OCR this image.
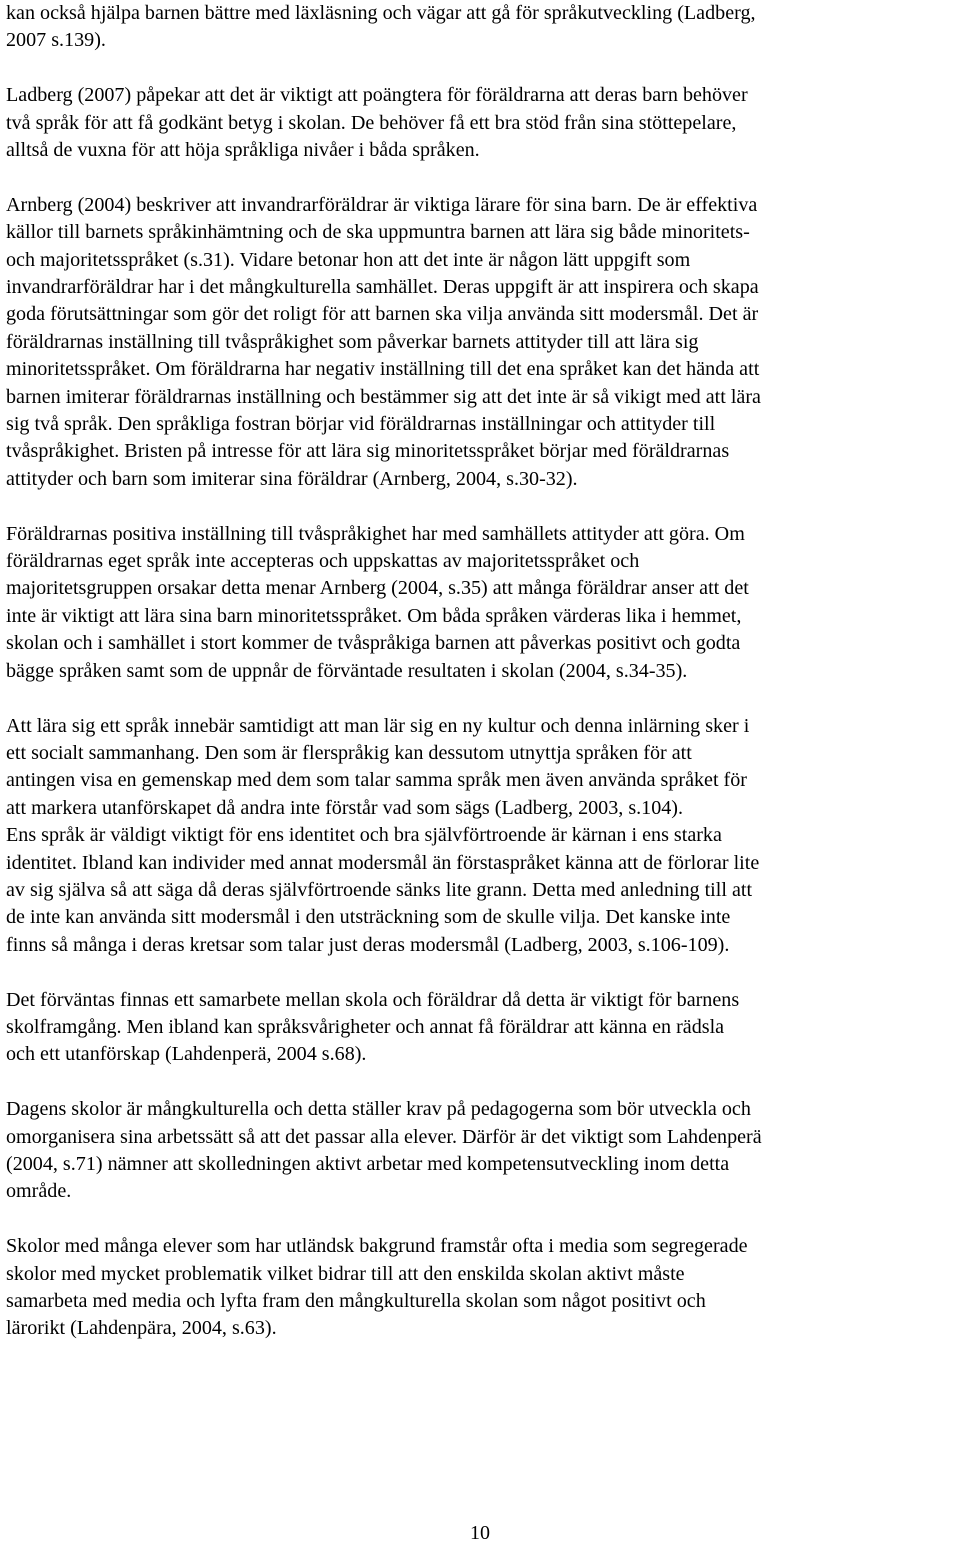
kan också hjälpa barnen bättre med läxläsning och vägar att gå för språkutveckling (Ladberg,
2007 s.139).

Ladberg (2007) påpekar att det är viktigt att poängtera för föräldrarna att deras barn behöver
två språk för att få godkänt betyg i skolan. De behöver få ett bra stöd från sina stöttepelare,
alltså de vuxna för att höja språkliga nivåer i båda språken.

Arnberg (2004) beskriver att invandrarföräldrar är viktiga lärare för sina barn. De är effektiva
källor till barnets språkinhämtning och de ska uppmuntra barnen att lära sig både minoritets-
och majoritetsspråket (s.31). Vidare betonar hon att det inte är någon lätt uppgift som
invandrarföräldrar har i det mångkulturella samhället. Deras uppgift är att inspirera och skapa
goda förutsättningar som gör det roligt för att barnen ska vilja använda sitt modersmål. Det är
föräldrarnas inställning till tvåspråkighet som påverkar barnets attityder till att lära sig
minoritetsspråket. Om föräldrarna har negativ inställning till det ena språket kan det hända att
barnen imiterar föräldrarnas inställning och bestämmer sig att det inte är så vikigt med att lära
sig två språk. Den språkliga fostran börjar vid föräldrarnas inställningar och attityder till
tvåspråkighet. Bristen på intresse för att lära sig minoritetsspråket börjar med föräldrarnas
attityder och barn som imiterar sina föräldrar (Arnberg, 2004, s.30-32).

Föräldrarnas positiva inställning till tvåspråkighet har med samhällets attityder att göra. Om
föräldrarnas eget språk inte accepteras och uppskattas av majoritetsspråket och
majoritetsgruppen orsakar detta menar Arnberg (2004, s.35) att många föräldrar anser att det
inte är viktigt att lära sina barn minoritetsspråket. Om båda språken värderas lika i hemmet,
skolan och i samhället i stort kommer de tvåspråkiga barnen att påverkas positivt och godta
bägge språken samt som de uppnår de förväntade resultaten i skolan (2004, s.34-35).

Att lära sig ett språk innebär samtidigt att man lär sig en ny kultur och denna inlärning sker i
ett socialt sammanhang. Den som är flerspråkig kan dessutom utnyttja språken för att
antingen visa en gemenskap med dem som talar samma språk men även använda språket för
att markera utanförskapet då andra inte förstår vad som sägs (Ladberg, 2003, s.104).

Ens språk är väldigt viktigt för ens identitet och bra självförtroende är kärnan i ens starka
identitet. Ibland kan individer med annat modersmål än förstaspråket känna att de förlorar lite
av sig själva så att säga då deras självförtroende sänks lite grann. Detta med anledning till att
de inte kan använda sitt modersmål i den utsträckning som de skulle vilja. Det kanske inte
finns så många i deras kretsar som talar just deras modersmål (Ladberg, 2003, s.106-109).

Det förväntas finnas ett samarbete mellan skola och föräldrar då detta är viktigt för barnens
skolframgång. Men ibland kan språksvårigheter och annat få föräldrar att känna en rädsla
och ett utanförskap (Lahdenperä, 2004 s.68).

Dagens skolor är mångkulturella och detta ställer krav på pedagogerna som bör utveckla och
omorganisera sina arbetssätt så att det passar alla elever. Därför är det viktigt som Lahdenperä
(2004, s.71) nämner att skolledningen aktivt arbetar med kompetensutveckling inom detta
område.

Skolor med många elever som har utländsk bakgrund framstår ofta i media som segregerade
skolor med mycket problematik vilket bidrar till att den enskilda skolan aktivt måste
samarbeta med media och lyfta fram den mångkulturella skolan som något positivt och
lärorikt (Lahdenpära, 2004, s.63).

10
